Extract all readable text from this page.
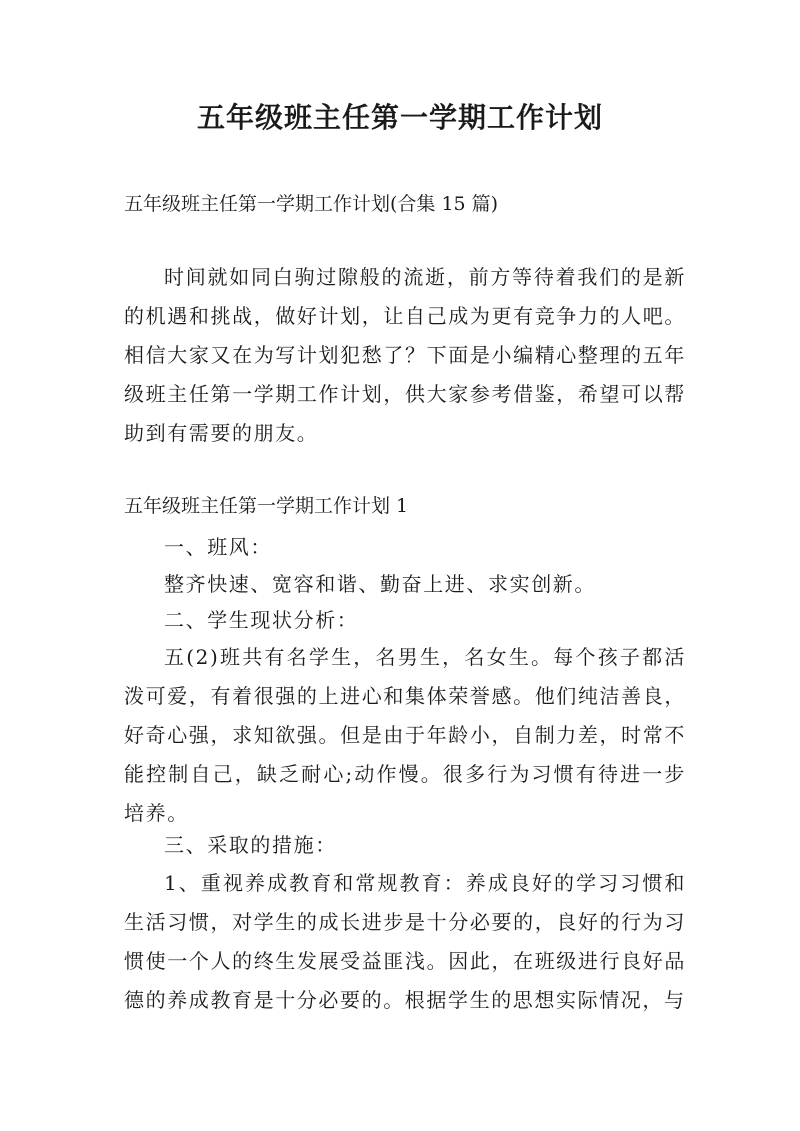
五年级班主任第一学期工作计划

五年级班主任第一学期工作计划(合集 15 篇)

时间就如同白驹过隙般的流逝，前方等待着我们的是新的机遇和挑战，做好计划，让自己成为更有竞争力的人吧。相信大家又在为写计划犯愁了？下面是小编精心整理的五年级班主任第一学期工作计划，供大家参考借鉴，希望可以帮助到有需要的朋友。

五年级班主任第一学期工作计划 1

一、班风：

整齐快速、宽容和谐、勤奋上进、求实创新。

二、学生现状分析：

五(2)班共有名学生，名男生，名女生。每个孩子都活泼可爱，有着很强的上进心和集体荣誉感。他们纯洁善良，好奇心强，求知欲强。但是由于年龄小，自制力差，时常不能控制自己，缺乏耐心;动作慢。很多行为习惯有待进一步培养。

三、采取的措施：

1、重视养成教育和常规教育：养成良好的学习习惯和生活习惯，对学生的成长进步是十分必要的，良好的行为习惯使一个人的终生发展受益匪浅。因此，在班级进行良好品德的养成教育是十分必要的。根据学生的思想实际情况，与
